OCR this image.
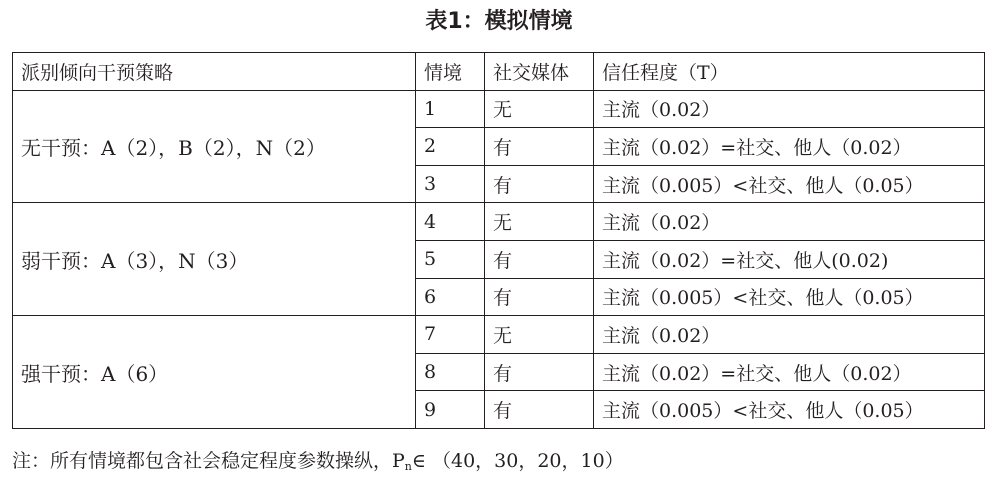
表1：模拟情境
派别倾向干预策略	情境	社交媒体	信任程度（T）
无干预：A（2），B（2），N（2）	1	无	主流（0.02）
	2	有	主流（0.02）=社交、他人（0.02）
	3	有	主流（0.005）<社交、他人（0.05）
弱干预：A（3），N（3）	4	无	主流（0.02）
	5	有	主流（0.02）=社交、他人(0.02)
	6	有	主流（0.005）<社交、他人（0.05）
强干预：A（6）	7	无	主流（0.02）
	8	有	主流（0.02）=社交、他人（0.02）
	9	有	主流（0.005）<社交、他人（0.05）
注：所有情境都包含社会稳定程度参数操纵，$P_n\in$ （40，30，20，10）
